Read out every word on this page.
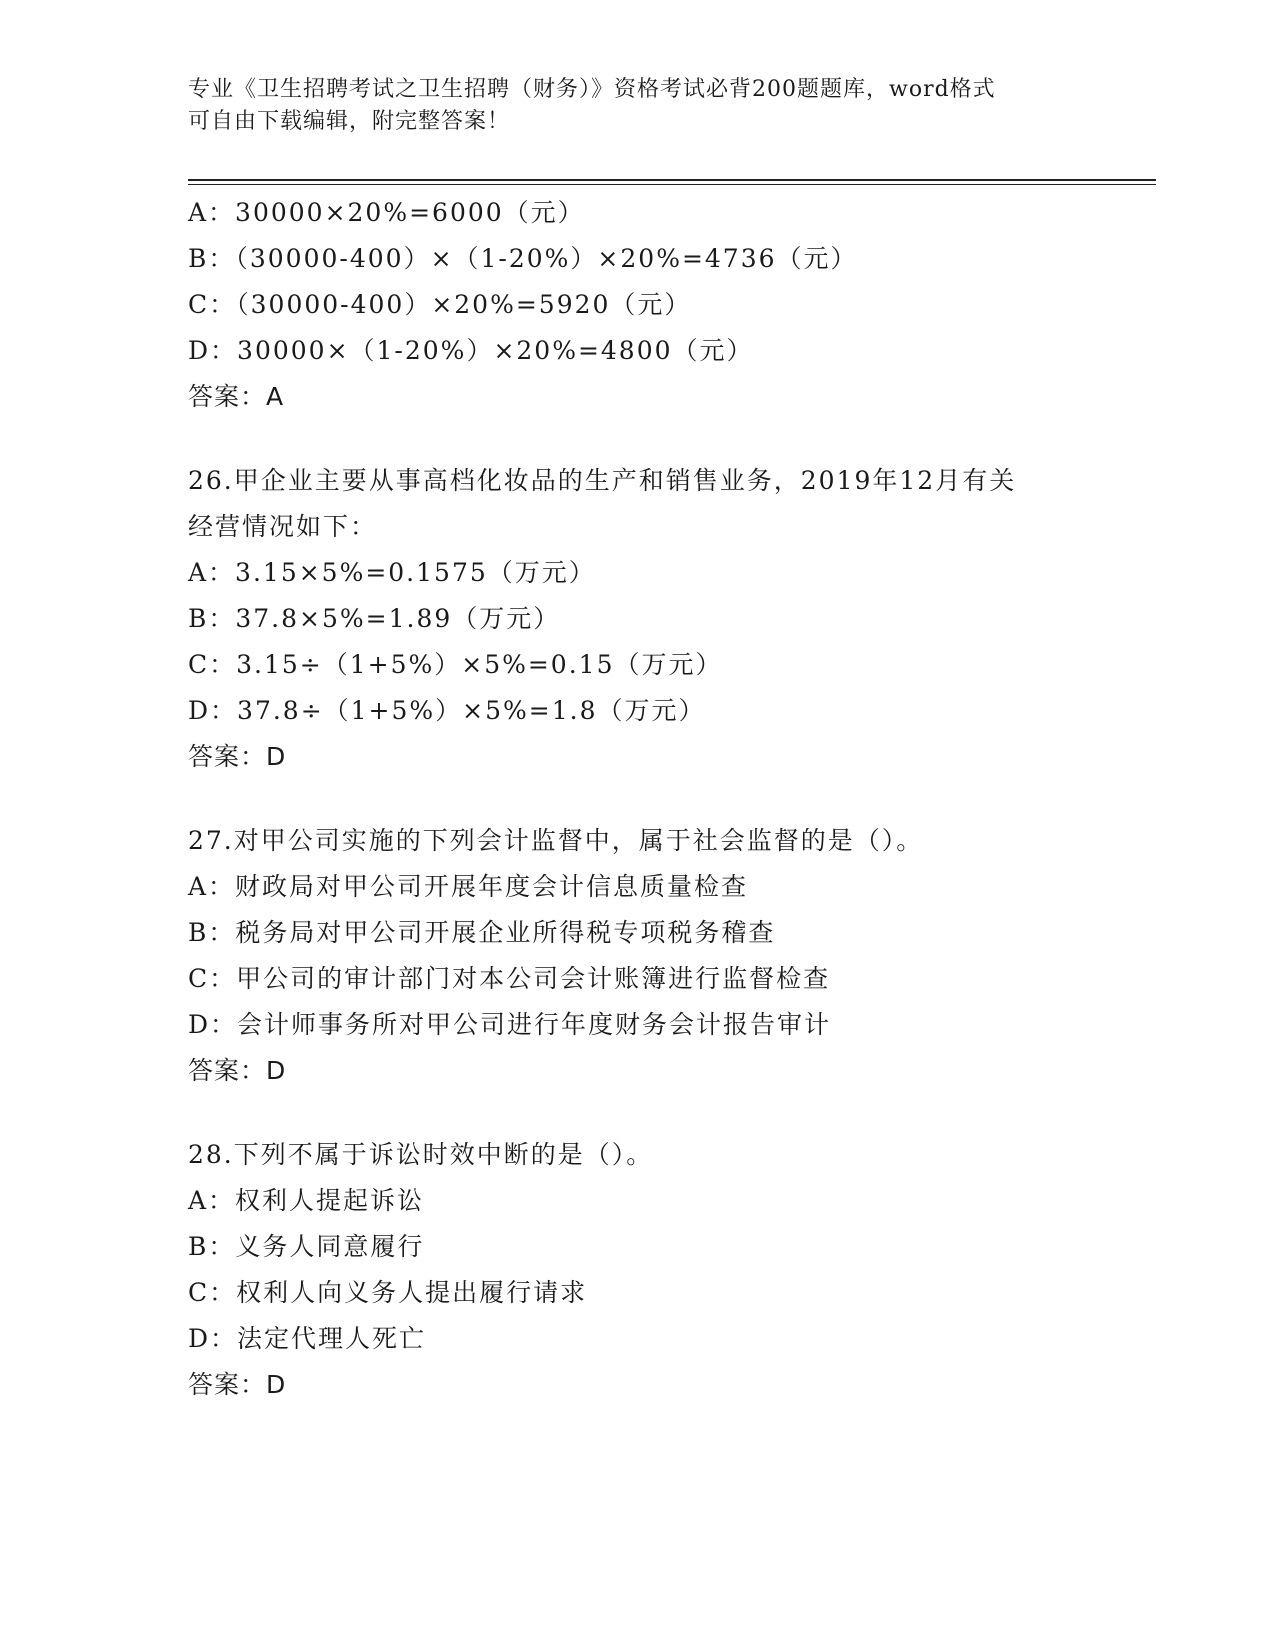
专业《卫生招聘考试之卫生招聘（财务）》资格考试必背200题题库，word格式
可自由下载编辑，附完整答案！
A：30000×20%=6000（元）
B：（30000-400）×（1-20%）×20%=4736（元）
C：（30000-400）×20%=5920（元）
D：30000×（1-20%）×20%=4800（元）
答案：A
26.甲企业主要从事高档化妆品的生产和销售业务，2019年12月有关
经营情况如下：
A：3.15×5%=0.1575（万元）
B：37.8×5%=1.89（万元）
C：3.15÷（1+5%）×5%=0.15（万元）
D：37.8÷（1+5%）×5%=1.8（万元）
答案：D
27.对甲公司实施的下列会计监督中，属于社会监督的是（）。
A：财政局对甲公司开展年度会计信息质量检查
B：税务局对甲公司开展企业所得税专项税务稽查
C：甲公司的审计部门对本公司会计账簿进行监督检查
D：会计师事务所对甲公司进行年度财务会计报告审计
答案：D
28.下列不属于诉讼时效中断的是（）。
A：权利人提起诉讼
B：义务人同意履行
C：权利人向义务人提出履行请求
D：法定代理人死亡
答案：D
